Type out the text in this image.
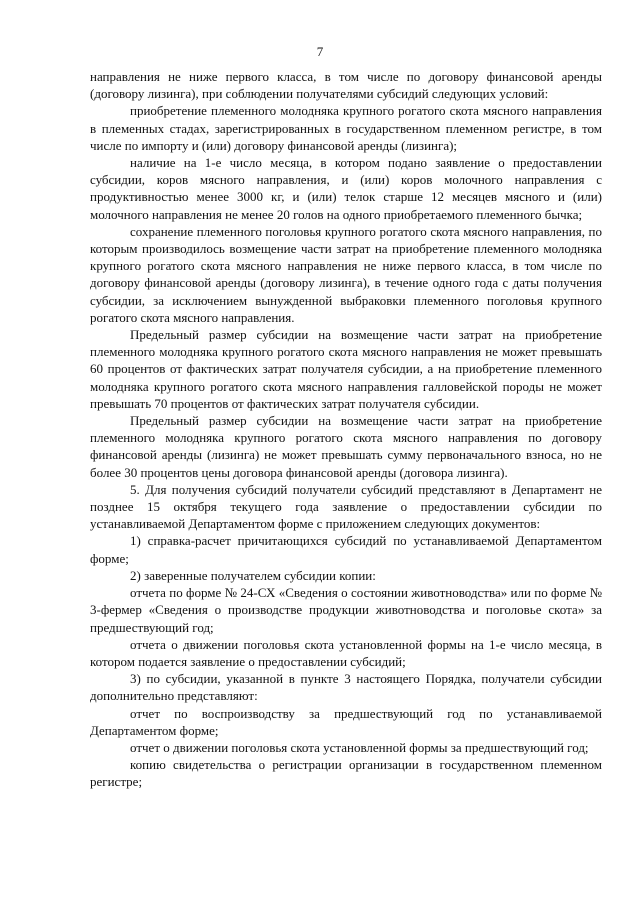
7

направления не ниже первого класса, в том числе по договору финансовой аренды (договору лизинга), при соблюдении получателями субсидий следующих условий:

приобретение племенного молодняка крупного рогатого скота мясного направления в племенных стадах, зарегистрированных в государственном племенном регистре, в том числе по импорту и (или) договору финансовой аренды (лизинга);

наличие на 1-е число месяца, в котором подано заявление о предоставлении субсидии, коров мясного направления, и (или) коров молочного направления с продуктивностью менее 3000 кг, и (или) телок старше 12 месяцев мясного и (или) молочного направления не менее 20 голов на одного приобретаемого племенного бычка;

сохранение племенного поголовья крупного рогатого скота мясного направления, по которым производилось возмещение части затрат на приобретение племенного молодняка крупного рогатого скота мясного направления не ниже первого класса, в том числе по договору финансовой аренды (договору лизинга), в течение одного года с даты получения субсидии, за исключением вынужденной выбраковки племенного поголовья крупного рогатого скота мясного направления.

Предельный размер субсидии на возмещение части затрат на приобретение племенного молодняка крупного рогатого скота мясного направления не может превышать 60 процентов от фактических затрат получателя субсидии, а на приобретение племенного молодняка крупного рогатого скота мясного направления галловейской породы не может превышать 70 процентов от фактических затрат получателя субсидии.

Предельный размер субсидии на возмещение части затрат на приобретение племенного молодняка крупного рогатого скота мясного направления по договору финансовой аренды (лизинга) не может превышать сумму первоначального взноса, но не более 30 процентов цены договора финансовой аренды (договора лизинга).

5. Для получения субсидий получатели субсидий представляют в Департамент не позднее 15 октября текущего года заявление о предоставлении субсидии по устанавливаемой Департаментом форме с приложением следующих документов:

1) справка-расчет причитающихся субсидий по устанавливаемой Департаментом форме;

2) заверенные получателем субсидии копии:

отчета по форме № 24-СХ «Сведения о состоянии животноводства» или по форме № 3-фермер «Сведения о производстве продукции животноводства и поголовье скота» за предшествующий год;

отчета о движении поголовья скота установленной формы на 1-е число месяца, в котором подается заявление о предоставлении субсидий;

3) по субсидии, указанной в пункте 3 настоящего Порядка, получатели субсидии дополнительно представляют:

отчет по воспроизводству за предшествующий год по устанавливаемой Департаментом форме;

отчет о движении поголовья скота установленной формы за предшествующий год;

копию свидетельства о регистрации организации в государственном племенном регистре;
